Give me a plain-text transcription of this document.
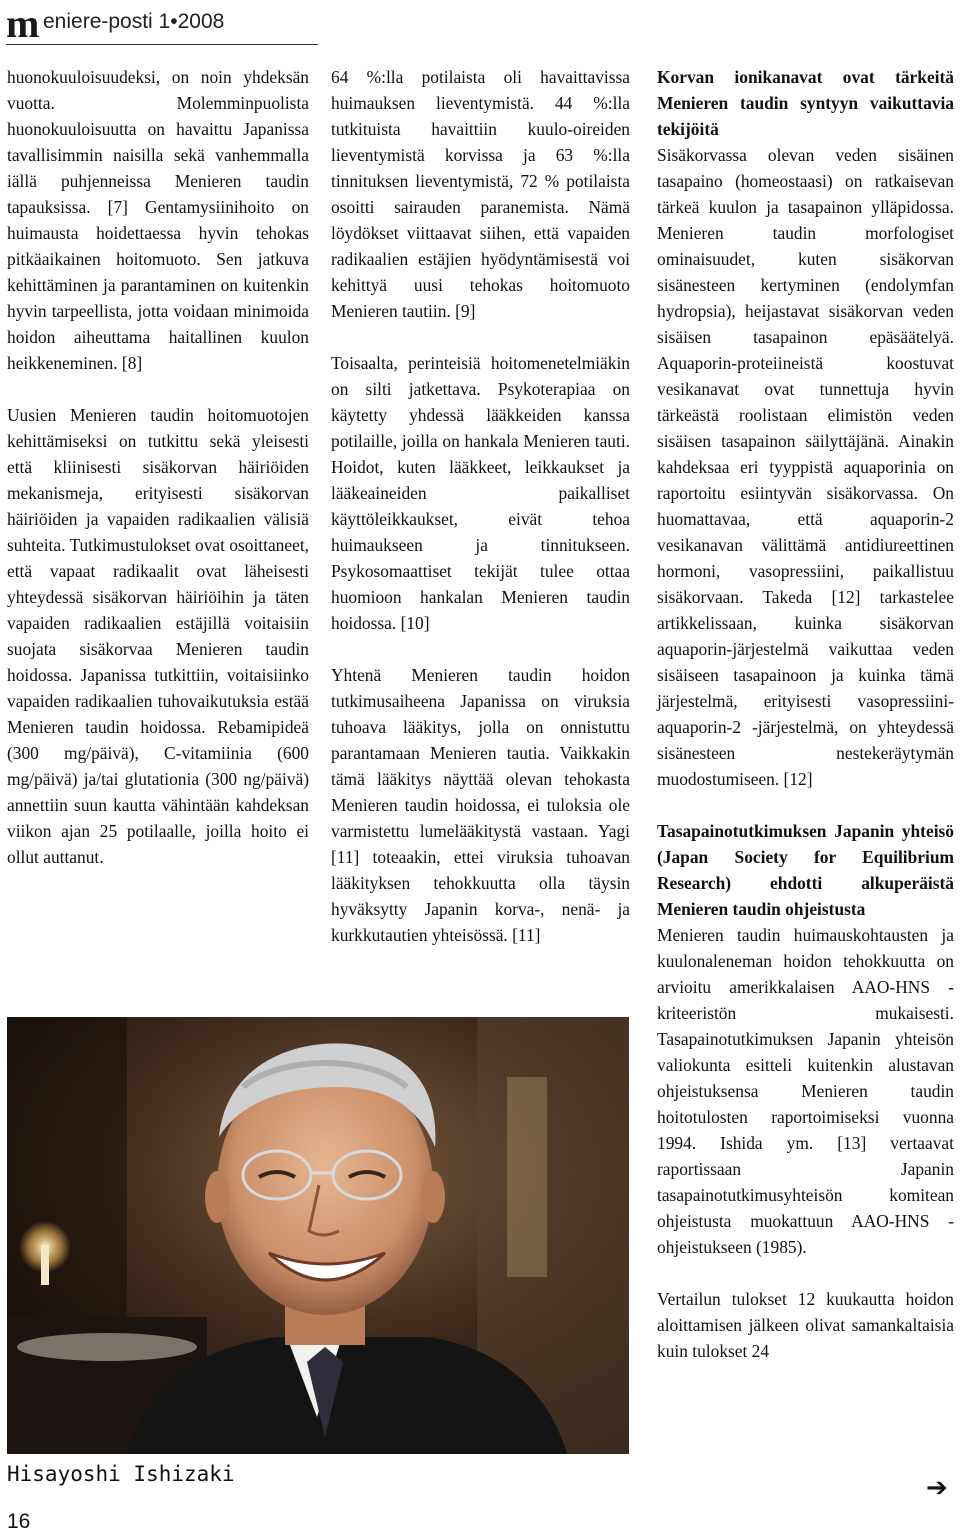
m eniere-posti 1•2008

huonokuuloisuudeksi, on noin yhdeksän vuotta. Molemminpuolista huonokuuloisuutta on havaittu Japanissa tavallisimmin naisilla sekä vanhemmalla iällä puhjenneissa Menieren taudin tapauksissa. [7] Gentamysiinihoito on huimausta hoidettaessa hyvin tehokas pitkäaikainen hoitomuoto. Sen jatkuva kehittäminen ja parantaminen on kuitenkin hyvin tarpeellista, jotta voidaan minimoida hoidon aiheuttama haitallinen kuulon heikkeneminen. [8]

Uusien Menieren taudin hoitomuotojen kehittämiseksi on tutkittu sekä yleisesti että kliinisesti sisäkorvan häiriöiden mekanismeja, erityisesti sisäkorvan häiriöiden ja vapaiden radikaalien välisiä suhteita. Tutkimustulokset ovat osoittaneet, että vapaat radikaalit ovat läheisesti yhteydessä sisäkorvan häiriöihin ja täten vapaiden radikaalien estäjillä voitaisiin suojata sisäkorvaa Menieren taudin hoidossa. Japanissa tutkittiin, voitaisiinko vapaiden radikaalien tuhovaikutuksia estää Menieren taudin hoidossa. Rebamipideä (300 mg/päivä), C-vitamiinia (600 mg/päivä) ja/tai glutationia (300 ng/päivä) annettiin suun kautta vähintään kahdeksan viikon ajan 25 potilaalle, joilla hoito ei ollut auttanut.

64 %:lla potilaista oli havaittavissa huimauksen lieventymistä. 44 %:lla tutkituista havaittiin kuulo-oireiden lieventymistä korvissa ja 63 %:lla tinnituksen lieventymistä, 72 % potilaista osoitti sairauden paranemista. Nämä löydökset viittaavat siihen, että vapaiden radikaalien estäjien hyödyntämisestä voi kehittyä uusi tehokas hoitomuoto Menieren tautiin. [9]

Toisaalta, perinteisiä hoitomenetelmiäkin on silti jatkettava. Psykoterapiaa on käytetty yhdessä lääkkeiden kanssa potilaille, joilla on hankala Menieren tauti. Hoidot, kuten lääkkeet, leikkaukset ja lääkeaineiden paikalliset käyttöleikkaukset, eivät tehoa huimaukseen ja tinnitukseen. Psykosomaattiset tekijät tulee ottaa huomioon hankalan Menieren taudin hoidossa. [10]

Yhtenä Menieren taudin hoidon tutkimusaiheena Japanissa on viruksia tuhoava lääkitys, jolla on onnistuttu parantamaan Menieren tautia. Vaikkakin tämä lääkitys näyttää olevan tehokasta Menieren taudin hoidossa, ei tuloksia ole varmistettu lumelääkitystä vastaan. Yagi [11] toteaakin, ettei viruksia tuhoavan lääkityksen tehokkuutta olla täysin hyväksytty Japanin korva-, nenä- ja kurkkutautien yhteisössä. [11]

Korvan ionikanavat ovat tärkeitä Menieren taudin syntyyn vaikuttavia tekijöitä

Sisäkorvassa olevan veden sisäinen tasapaino (homeostaasi) on ratkaisevan tärkeä kuulon ja tasapainon ylläpidossa. Menieren taudin morfologiset ominaisuudet, kuten sisäkorvan sisänesteen kertyminen (endolymfan hydropsia), heijastavat sisäkorvan veden sisäisen tasapainon epäsäätelyä. Aquaporin-proteiineistä koostuvat vesikanavat ovat tunnettuja hyvin tärkeästä roolistaan elimistön veden sisäisen tasapainon säilyttäjänä. Ainakin kahdeksaa eri tyyppistä aquaporinia on raportoitu esiintyvän sisäkorvassa. On huomattavaa, että aquaporin-2 vesikanavan välittämä antidiureettinen hormoni, vasopressiini, paikallistuu sisäkorvaan. Takeda [12] tarkastelee artikkelissaan, kuinka sisäkorvan aquaporin-järjestelmä vaikuttaa veden sisäiseen tasapainoon ja kuinka tämä järjestelmä, erityisesti vasopressiini-aquaporin-2 -järjestelmä, on yhteydessä sisänesteen nestekeräytymän muodostumiseen. [12]

Tasapainotutkimuksen Japanin yhteisö (Japan Society for Equilibrium Research) ehdotti alkuperäistä Menieren taudin ohjeistusta

Menieren taudin huimauskohtausten ja kuulonaleneman hoidon tehokkuutta on arvioitu amerikkalaisen AAO-HNS -kriteeristön mukaisesti. Tasapainotutkimuksen Japanin yhteisön valiokunta esitteli kuitenkin alustavan ohjeistuksensa Menieren taudin hoitotulosten raportoimiseksi vuonna 1994. Ishida ym. [13] vertaavat raportissaan Japanin tasapainotutkimusyhteisön komitean ohjeistusta muokattuun AAO-HNS -ohjeistukseen (1985).

Vertailun tulokset 12 kuukautta hoidon aloittamisen jälkeen olivat samankaltaisia kuin tulokset 24

Hisayoshi Ishizaki
16
➔
